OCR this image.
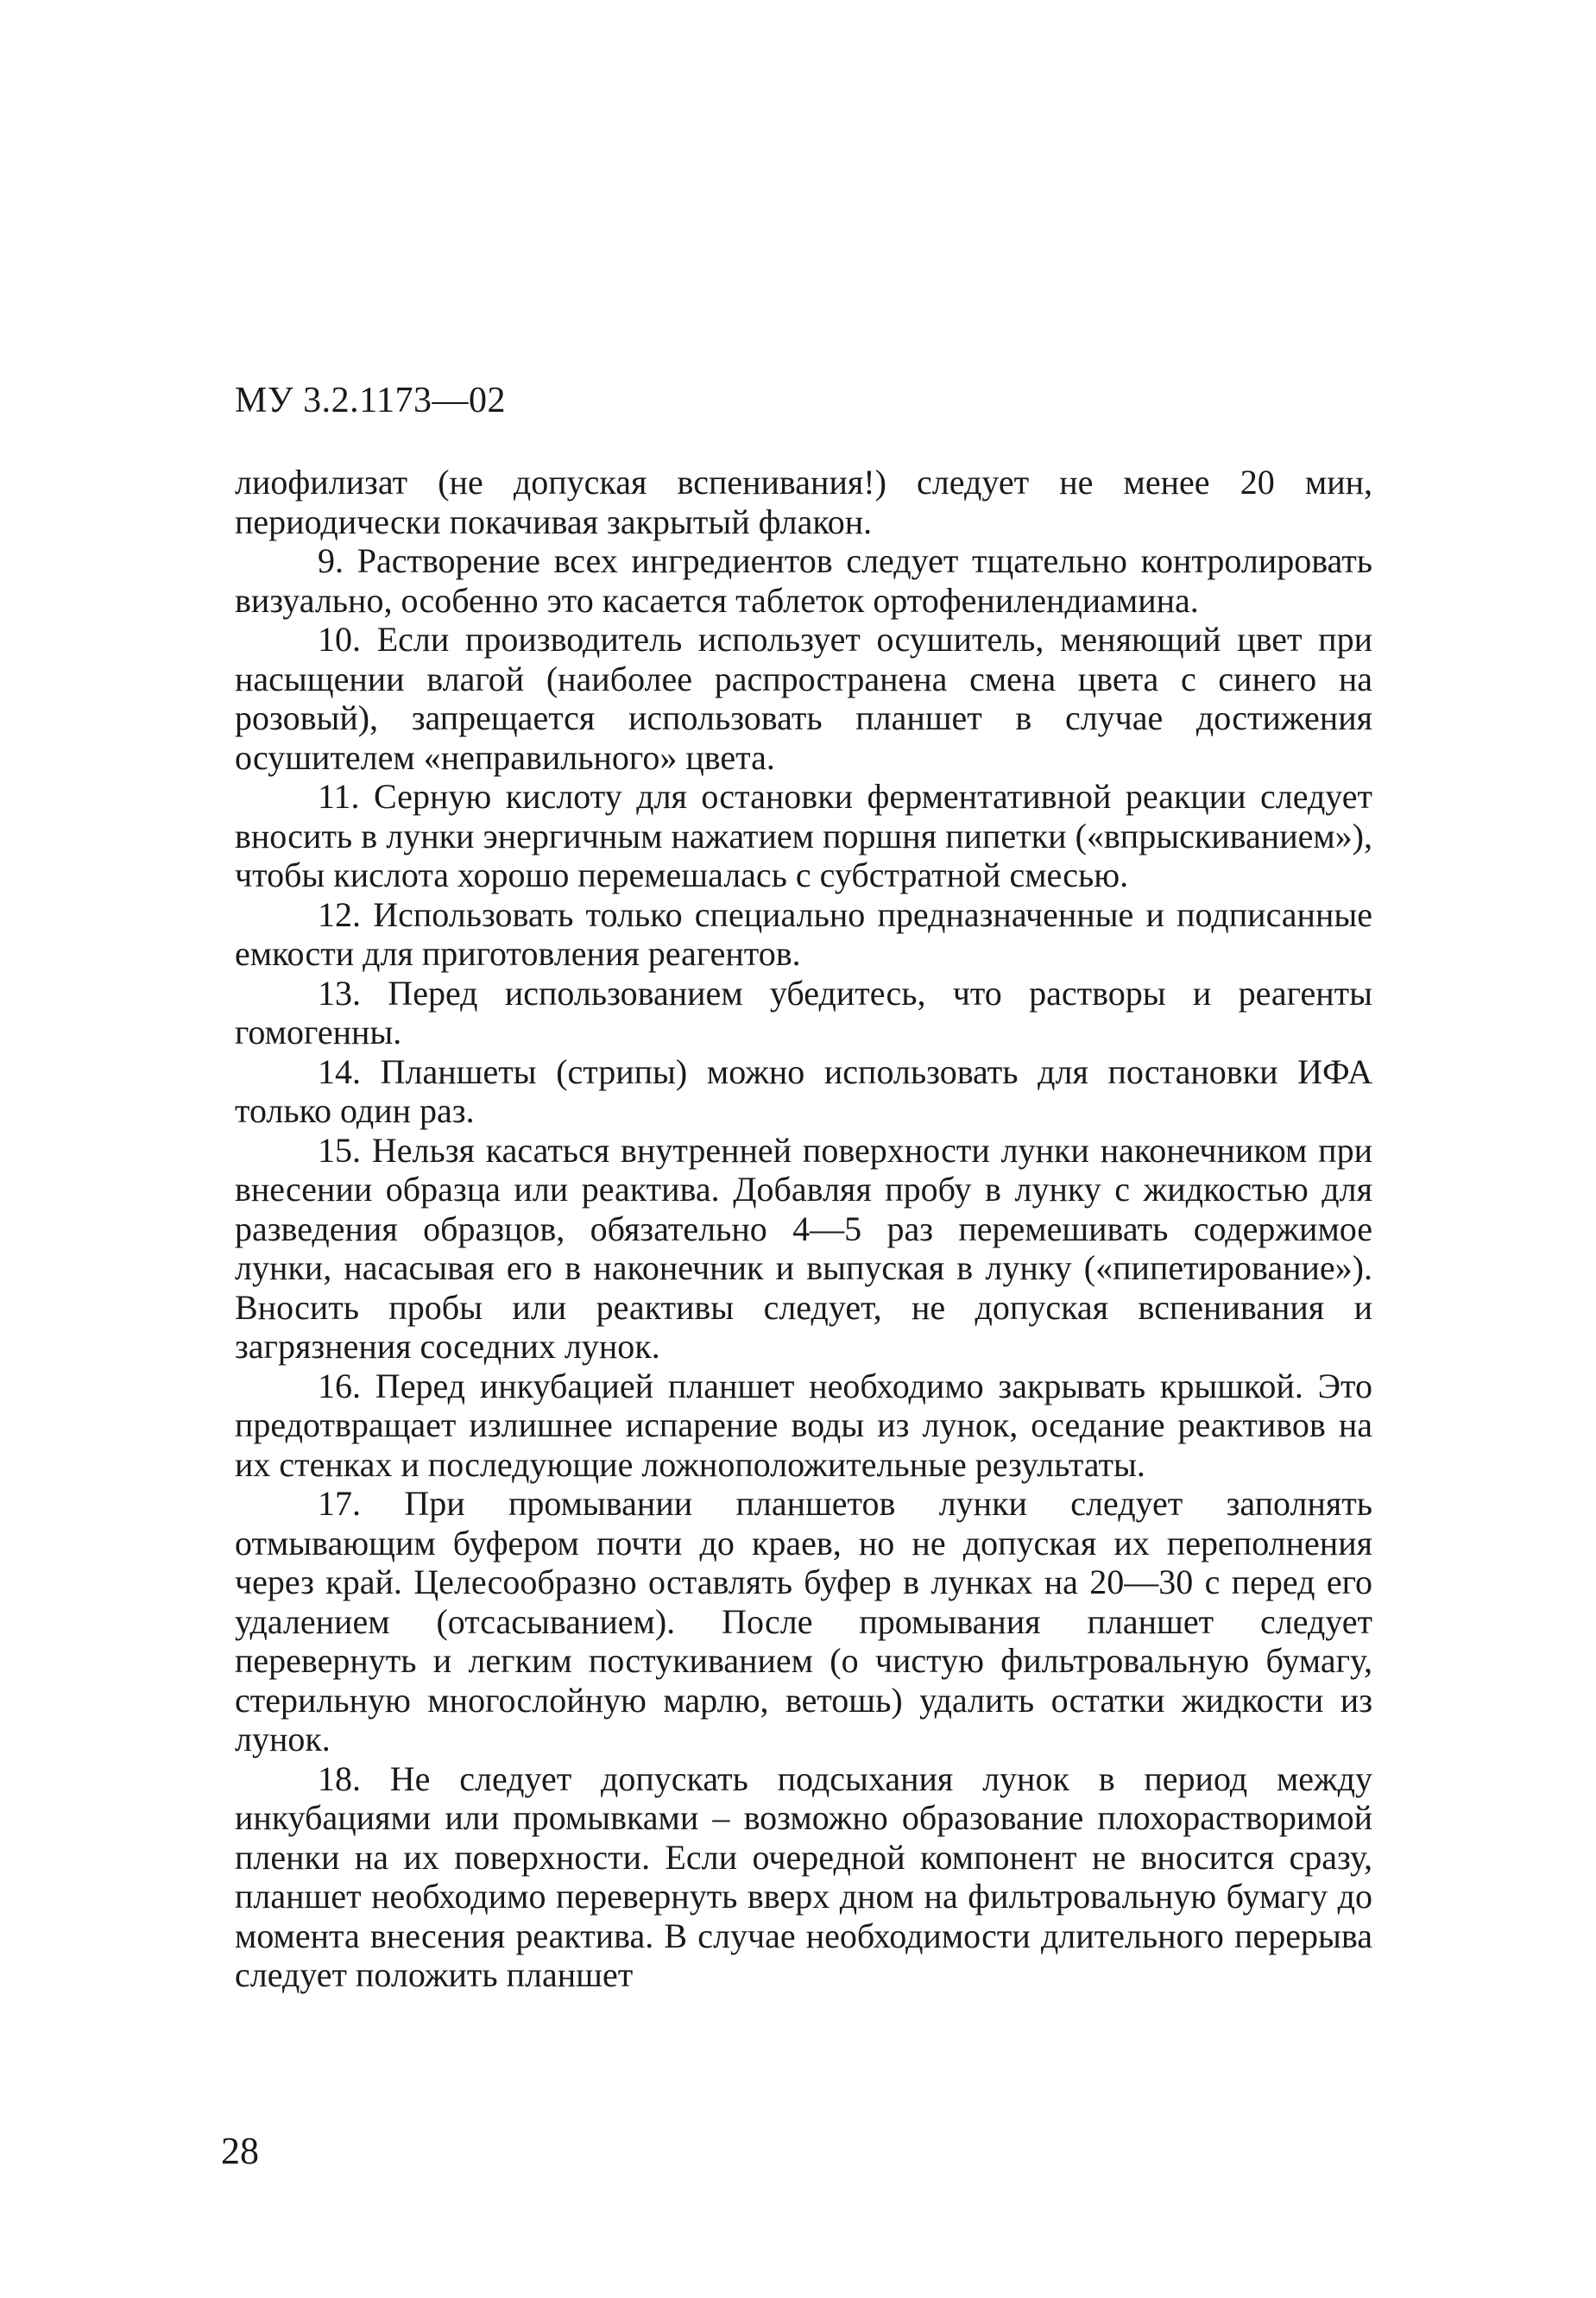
МУ 3.2.1173—02

лиофилизат (не допуская вспенивания!) следует не менее 20 мин, периодически покачивая закрытый флакон.

9. Растворение всех ингредиентов следует тщательно контролировать визуально, особенно это касается таблеток ортофенилендиамина.

10. Если производитель использует осушитель, меняющий цвет при насыщении влагой (наиболее распространена смена цвета с синего на розовый), запрещается использовать планшет в случае достижения осушителем «неправильного» цвета.

11. Серную кислоту для остановки ферментативной реакции следует вносить в лунки энергичным нажатием поршня пипетки («впрыскиванием»), чтобы кислота хорошо перемешалась с субстратной смесью.

12. Использовать только специально предназначенные и подписанные емкости для приготовления реагентов.

13. Перед использованием убедитесь, что растворы и реагенты гомогенны.

14. Планшеты (стрипы) можно использовать для постановки ИФА только один раз.

15. Нельзя касаться внутренней поверхности лунки наконечником при внесении образца или реактива. Добавляя пробу в лунку с жидкостью для разведения образцов, обязательно 4—5 раз перемешивать содержимое лунки, насасывая его в наконечник и выпуская в лунку («пипетирование»). Вносить пробы или реактивы следует, не допуская вспенивания и загрязнения соседних лунок.

16. Перед инкубацией планшет необходимо закрывать крышкой. Это предотвращает излишнее испарение воды из лунок, оседание реактивов на их стенках и последующие ложноположительные результаты.

17. При промывании планшетов лунки следует заполнять отмывающим буфером почти до краев, но не допуская их переполнения через край. Целесообразно оставлять буфер в лунках на 20—30 с перед его удалением (отсасыванием). После промывания планшет следует перевернуть и легким постукиванием (о чистую фильтровальную бумагу, стерильную многослойную марлю, ветошь) удалить остатки жидкости из лунок.

18. Не следует допускать подсыхания лунок в период между инкубациями или промывками – возможно образование плохорастворимой пленки на их поверхности. Если очередной компонент не вносится сразу, планшет необходимо перевернуть вверх дном на фильтровальную бумагу до момента внесения реактива. В случае необходимости длительного перерыва следует положить планшет

28
